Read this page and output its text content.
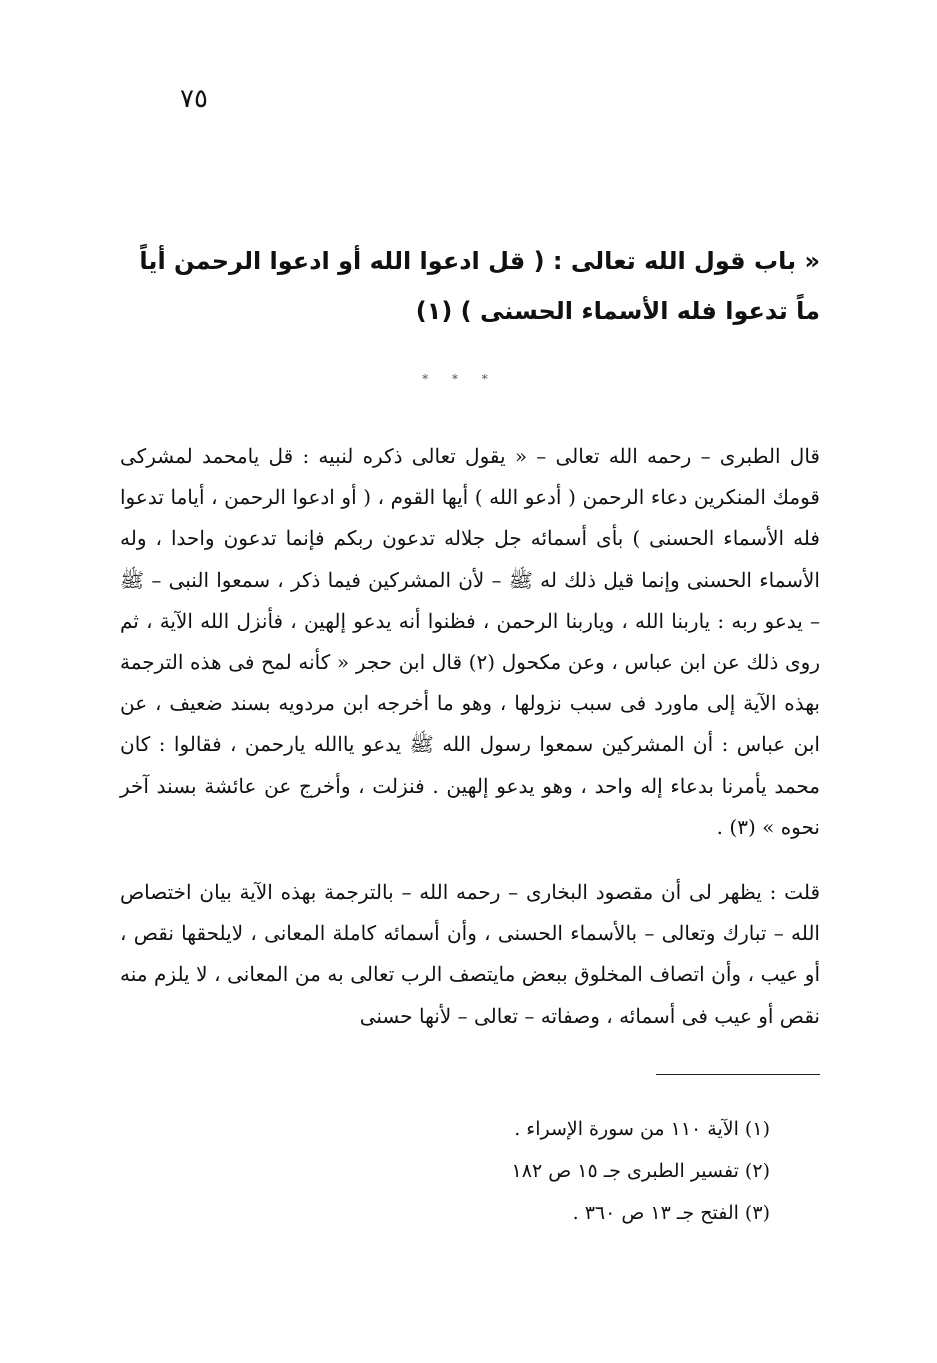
٧٥
« باب قول الله تعالى : ( قل ادعوا الله أو ادعوا الرحمن أياً ماً تدعوا فله الأسماء الحسنى ) (١)
* * *
قال الطبرى – رحمه الله تعالى – « يقول تعالى ذكره لنبيه : قل يامحمد لمشركى قومك المنكرين دعاء الرحمن ( أدعو الله ) أيها القوم ، ( أو ادعوا الرحمن ، أياما تدعوا فله الأسماء الحسنى ) بأى أسمائه جل جلاله تدعون ربكم فإنما تدعون واحدا ، وله الأسماء الحسنى وإنما قيل ذلك له ﷺ – لأن المشركين فيما ذكر ، سمعوا النبى – ﷺ – يدعو ربه : ياربنا الله ، وياربنا الرحمن ، فظنوا أنه يدعو إلهين ، فأنزل الله الآية ، ثم روى ذلك عن ابن عباس ، وعن مكحول (٢) قال ابن حجر « كأنه لمح فى هذه الترجمة بهذه الآية إلى ماورد فى سبب نزولها ، وهو ما أخرجه ابن مردويه بسند ضعيف ، عن ابن عباس : أن المشركين سمعوا رسول الله ﷺ يدعو ياالله يارحمن ، فقالوا : كان محمد يأمرنا بدعاء إله واحد ، وهو يدعو إلهين . فنزلت ، وأخرج عن عائشة بسند آخر نحوه » (٣) .
قلت : يظهر لى أن مقصود البخارى – رحمه الله – بالترجمة بهذه الآية بيان اختصاص الله – تبارك وتعالى – بالأسماء الحسنى ، وأن أسمائه كاملة المعانى ، لايلحقها نقص ، أو عيب ، وأن اتصاف المخلوق ببعض مايتصف الرب تعالى به من المعانى ، لا يلزم منه نقص أو عيب فى أسمائه ، وصفاته – تعالى – لأنها حسنى
(١) الآية ١١٠ من سورة الإسراء .
(٢) تفسير الطبرى جـ ١٥ ص ١٨٢
(٣) الفتح جـ ١٣ ص ٣٦٠ .
